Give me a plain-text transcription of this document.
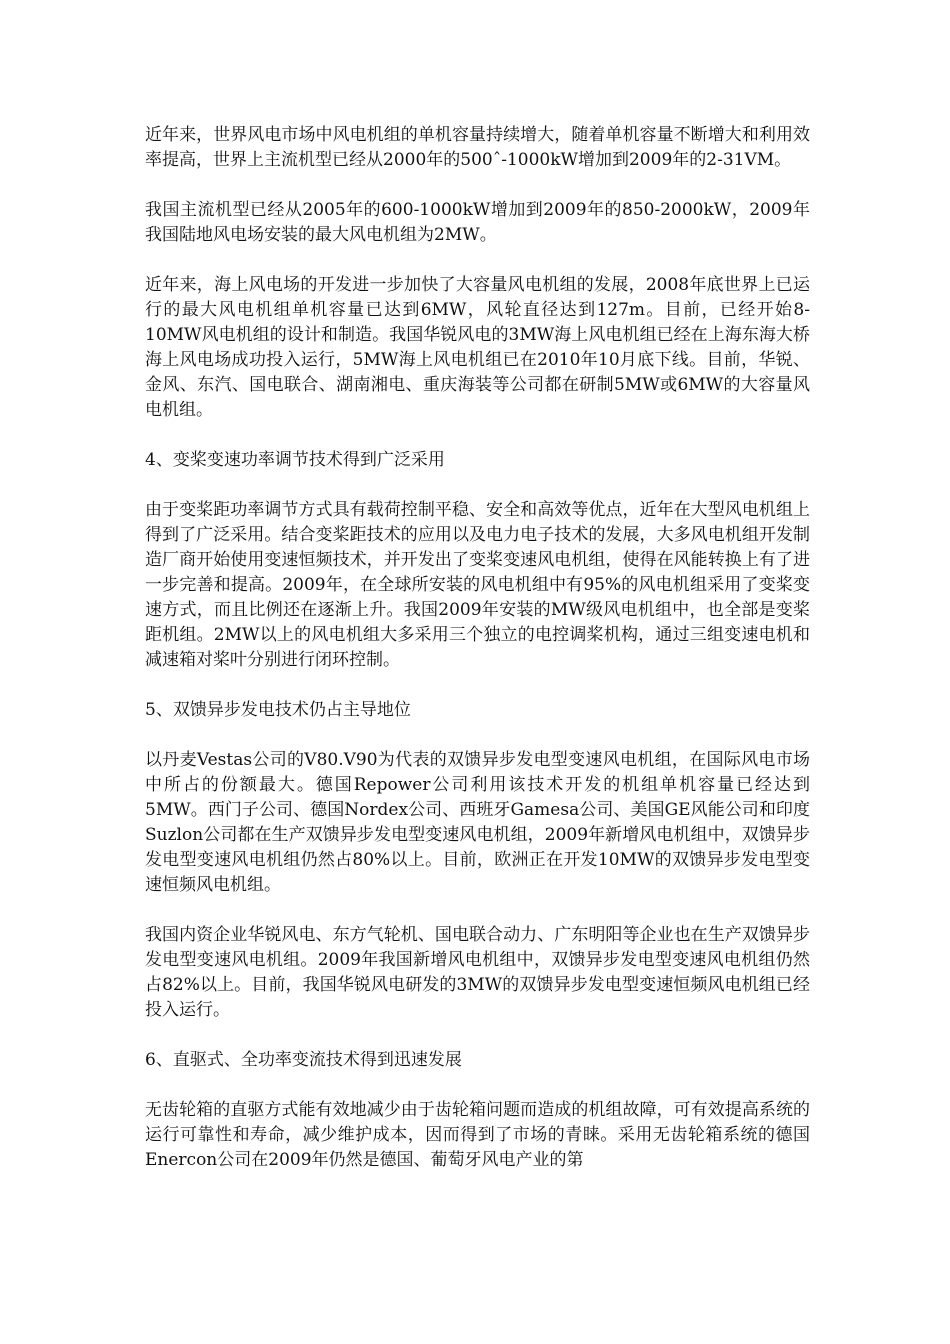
近年来，世界风电市场中风电机组的单机容量持续增大，随着单机容量不断增大和利用效率提高，世界上主流机型已经从2000年的500ˆ-1000kW增加到2009年的2-31VM。

我国主流机型已经从2005年的600-1000kW增加到2009年的850-2000kW，2009年我国陆地风电场安装的最大风电机组为2MW。

近年来，海上风电场的开发进一步加快了大容量风电机组的发展，2008年底世界上已运行的最大风电机组单机容量已达到6MW，风轮直径达到127m。目前，已经开始8-10MW风电机组的设计和制造。我国华锐风电的3MW海上风电机组已经在上海东海大桥海上风电场成功投入运行，5MW海上风电机组已在2010年10月底下线。目前，华锐、金风、东汽、国电联合、湖南湘电、重庆海装等公司都在研制5MW或6MW的大容量风电机组。

4、变桨变速功率调节技术得到广泛采用

由于变桨距功率调节方式具有载荷控制平稳、安全和高效等优点，近年在大型风电机组上得到了广泛采用。结合变桨距技术的应用以及电力电子技术的发展，大多风电机组开发制造厂商开始使用变速恒频技术，并开发出了变桨变速风电机组，使得在风能转换上有了进一步完善和提高。2009年，在全球所安装的风电机组中有95%的风电机组采用了变桨变速方式，而且比例还在逐渐上升。我国2009年安装的MW级风电机组中，也全部是变桨距机组。2MW以上的风电机组大多采用三个独立的电控调桨机构，通过三组变速电机和减速箱对桨叶分别进行闭环控制。

5、双馈异步发电技术仍占主导地位

以丹麦Vestas公司的V80.V90为代表的双馈异步发电型变速风电机组，在国际风电市场中所占的份额最大。德国Repower公司利用该技术开发的机组单机容量已经达到5MW。西门子公司、德国Nordex公司、西班牙Gamesa公司、美国GE风能公司和印度Suzlon公司都在生产双馈异步发电型变速风电机组，2009年新增风电机组中，双馈异步发电型变速风电机组仍然占80%以上。目前，欧洲正在开发10MW的双馈异步发电型变速恒频风电机组。

我国内资企业华锐风电、东方气轮机、国电联合动力、广东明阳等企业也在生产双馈异步发电型变速风电机组。2009年我国新增风电机组中，双馈异步发电型变速风电机组仍然占82%以上。目前，我国华锐风电研发的3MW的双馈异步发电型变速恒频风电机组已经投入运行。

6、直驱式、全功率变流技术得到迅速发展

无齿轮箱的直驱方式能有效地减少由于齿轮箱问题而造成的机组故障，可有效提高系统的运行可靠性和寿命，减少维护成本，因而得到了市场的青睐。采用无齿轮箱系统的德国Enercon公司在2009年仍然是德国、葡萄牙风电产业的第
